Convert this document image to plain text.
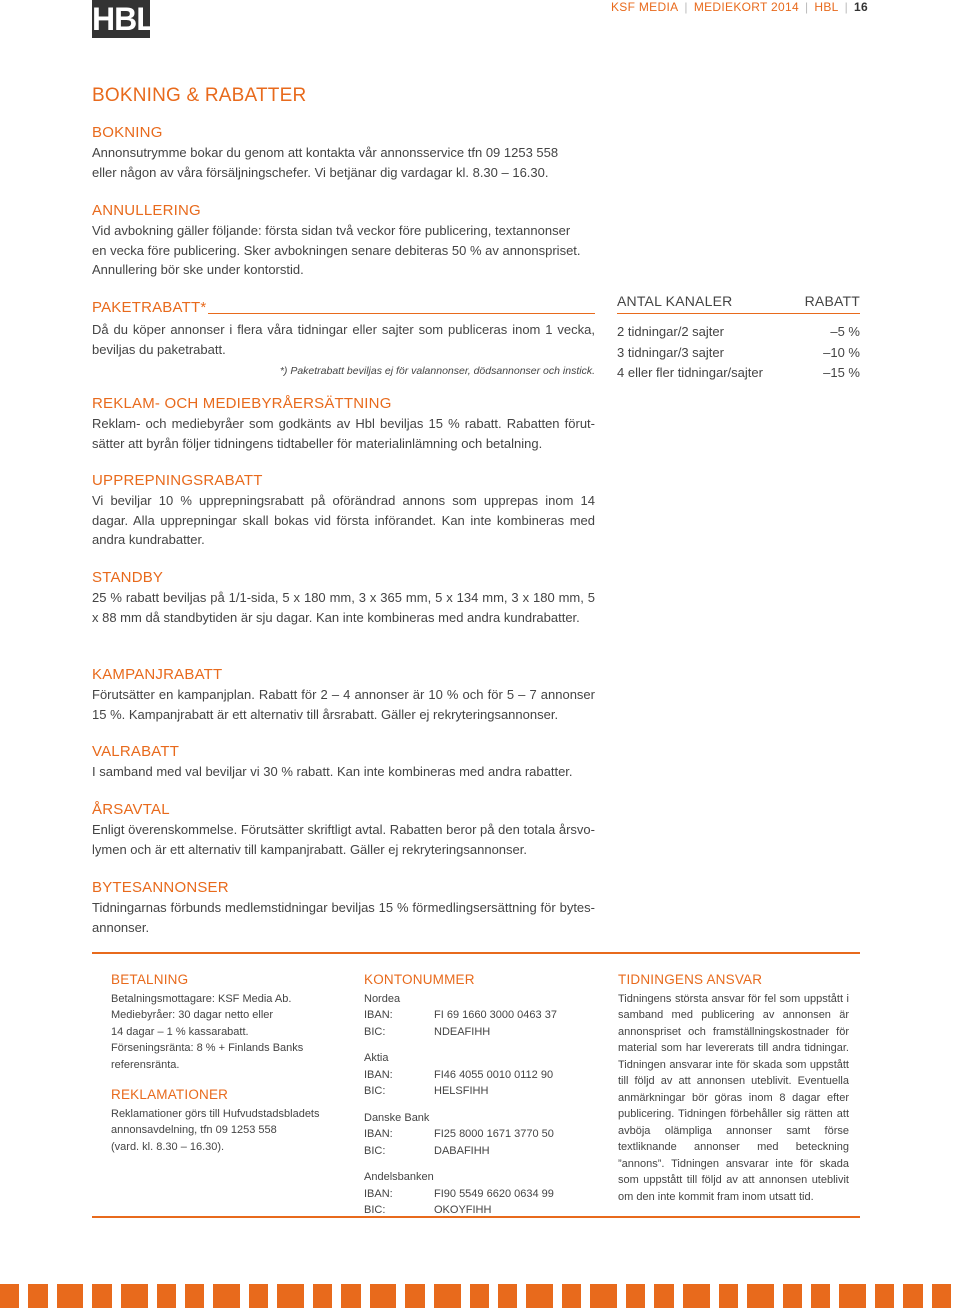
HBL	KSF MEDIA | MEDIEKORT 2014 | HBL | 16
BOKNING & RABATTER
BOKNING

Annonsutrymme bokar du genom att kontakta vår annonsservice tfn 09 1253 558
eller någon av våra försäljningschefer. Vi betjänar dig vardagar kl. 8.30 – 16.30.

ANNULLERING

Vid avbokning gäller följande: första sidan två veckor före publicering, textannonser
en vecka före publicering. Sker avbokningen senare debiteras 50 % av annonspriset.
Annullering bör ske under kontorstid.

PAKETRABATT*

Då du köper annonser i flera våra tidningar eller sajter som publiceras inom 1 vecka, beviljas du paketrabatt.

*) Paketrabatt beviljas ej för valannonser, dödsannonser och instick.
ANTAL KANALER	RABATT
2 tidningar/2 sajter	–5 %
3 tidningar/3 sajter	–10 %
4 eller fler tidningar/sajter	–15 %
REKLAM- OCH MEDIEBYRÅERSÄTTNING

Reklam- och mediebyråer som godkänts av Hbl beviljas 15 % rabatt. Rabatten förut-sätter att byrån följer tidningens tidtabeller för materialinlämning och betalning.

UPPREPNINGSRABATT

Vi beviljar 10 % upprepningsrabatt på oförändrad annons som upprepas inom 14 dagar. Alla upprepningar skall bokas vid första införandet. Kan inte kombineras med andra kundrabatter.

STANDBY

25 % rabatt beviljas på 1/1-sida, 5 x 180 mm, 3 x 365 mm, 5 x 134 mm, 3 x 180 mm, 5 x 88 mm då standbytiden är sju dagar. Kan inte kombineras med andra kundrabatter.

KAMPANJRABATT

Förutsätter en kampanjplan. Rabatt för 2 – 4 annonser är 10 % och för 5 – 7 annonser 15 %. Kampanjrabatt är ett alternativ till årsrabatt. Gäller ej rekryteringsannonser.

VALRABATT

I samband med val beviljar vi 30 % rabatt. Kan inte kombineras med andra rabatter.

ÅRSAVTAL

Enligt överenskommelse. Förutsätter skriftligt avtal. Rabatten beror på den totala årsvo-lymen och är ett alternativ till kampanjrabatt. Gäller ej rekryteringsannonser.

BYTESANNONSER

Tidningarnas förbunds medlemstidningar beviljas 15 % förmedlingsersättning för bytes-annonser.

BETALNING
Betalningsmottagare: KSF Media Ab.
Mediebyråer: 30 dagar netto eller
14 dagar – 1 % kassarabatt.
Förseningsränta: 8 % + Finlands Banks
referensränta.
REKLAMATIONER
Reklamationer görs till Hufvudstadsbladets
annonsavdelning, tfn 09 1253 558
(vard. kl. 8.30 – 16.30).
KONTONUMMER
Nordea
IBAN:	FI 69 1660 3000 0463 37
BIC:	NDEAFIHH
Aktia
IBAN:	FI46 4055 0010 0112 90
BIC:	HELSFIHH
Danske Bank
IBAN:	FI25 8000 1671 3770 50
BIC:	DABAFIHH
Andelsbanken
IBAN:	FI90 5549 6620 0634 99
BIC:	OKOYFIHH
TIDNINGENS ANSVAR
Tidningens största ansvar för fel som uppstått i samband med publicering av annonsen är annonspriset och framställningskostnader för material som har levererats till andra tidningar. Tidningen ansvarar inte för skada som uppstått till följd av att annonsen uteblivit. Eventuella anmärkningar bör göras inom 8 dagar efter publicering. Tidningen förbehåller sig rätten att avböja olämpliga annonser samt förse textliknande annonser med beteckning ”annons”. Tidningen ansvarar inte för skada som uppstått till följd av att annonsen uteblivit om den inte kommit fram inom utsatt tid.
